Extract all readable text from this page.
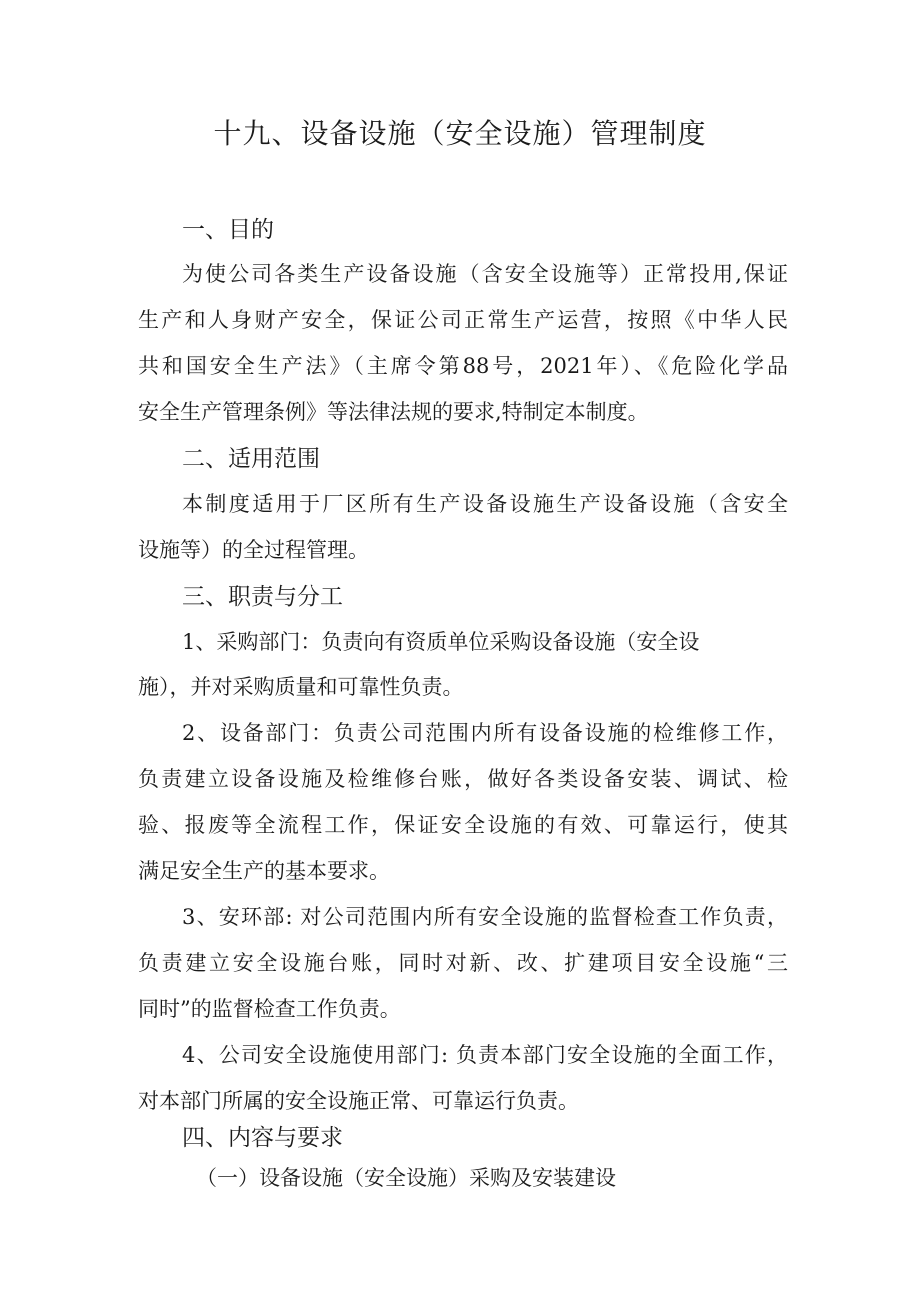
十九、设备设施（安全设施）管理制度
一、目的
为使公司各类生产设备设施（含安全设施等）正常投用,保证
生产和人身财产安全，保证公司正常生产运营，按照《中华人民
共和国安全生产法》（主席令第88号，2021年）、《危险化学品
安全生产管理条例》等法律法规的要求,特制定本制度。
二、适用范围
本制度适用于厂区所有生产设备设施生产设备设施（含安全
设施等）的全过程管理。
三、职责与分工
1、采购部门：负责向有资质单位采购设备设施（安全设
施），并对采购质量和可靠性负责。
2、设备部门：负责公司范围内所有设备设施的检维修工作，
负责建立设备设施及检维修台账，做好各类设备安装、调试、检
验、报废等全流程工作，保证安全设施的有效、可靠运行，使其
满足安全生产的基本要求。
3、安环部: 对公司范围内所有安全设施的监督检查工作负责，
负责建立安全设施台账，同时对新、改、扩建项目安全设施“三
同时”的监督检查工作负责。
4、公司安全设施使用部门: 负责本部门安全设施的全面工作，
对本部门所属的安全设施正常、可靠运行负责。
四、内容与要求
（一）设备设施（安全设施）采购及安装建设
